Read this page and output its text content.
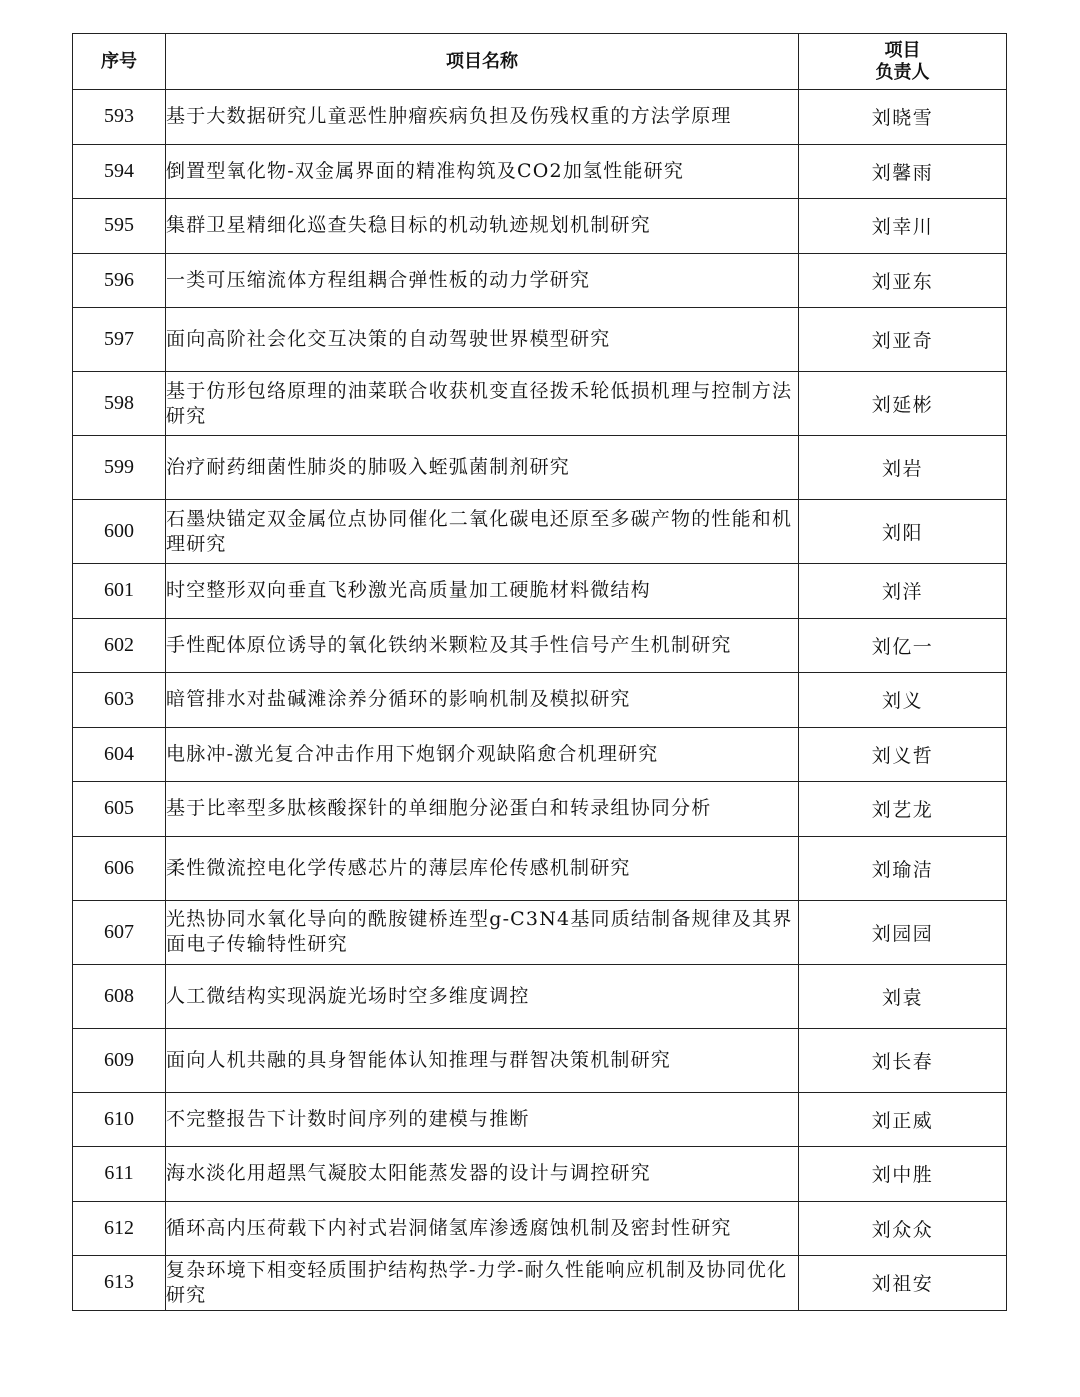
序号	项目名称	项目
负责人

593	基于大数据研究儿童恶性肿瘤疾病负担及伤残权重的方法学原理	刘晓雪
594	倒置型氧化物-双金属界面的精准构筑及CO2加氢性能研究	刘馨雨
595	集群卫星精细化巡查失稳目标的机动轨迹规划机制研究	刘幸川
596	一类可压缩流体方程组耦合弹性板的动力学研究	刘亚东
597	面向高阶社会化交互决策的自动驾驶世界模型研究	刘亚奇
598	基于仿形包络原理的油菜联合收获机变直径拨禾轮低损机理与控制方法研究	刘延彬
599	治疗耐药细菌性肺炎的肺吸入蛭弧菌制剂研究	刘岩
600	石墨炔锚定双金属位点协同催化二氧化碳电还原至多碳产物的性能和机理研究	刘阳
601	时空整形双向垂直飞秒激光高质量加工硬脆材料微结构	刘洋
602	手性配体原位诱导的氧化铁纳米颗粒及其手性信号产生机制研究	刘亿一
603	暗管排水对盐碱滩涂养分循环的影响机制及模拟研究	刘义
604	电脉冲-激光复合冲击作用下炮钢介观缺陷愈合机理研究	刘义哲
605	基于比率型多肽核酸探针的单细胞分泌蛋白和转录组协同分析	刘艺龙
606	柔性微流控电化学传感芯片的薄层库伦传感机制研究	刘瑜洁
607	光热协同水氧化导向的酰胺键桥连型g-C3N4基同质结制备规律及其界面电子传输特性研究	刘园园
608	人工微结构实现涡旋光场时空多维度调控	刘袁
609	面向人机共融的具身智能体认知推理与群智决策机制研究	刘长春
610	不完整报告下计数时间序列的建模与推断	刘正威
611	海水淡化用超黑气凝胶太阳能蒸发器的设计与调控研究	刘中胜
612	循环高内压荷载下内衬式岩洞储氢库渗透腐蚀机制及密封性研究	刘众众
613	复杂环境下相变轻质围护结构热学-力学-耐久性能响应机制及协同优化研究	刘祖安
